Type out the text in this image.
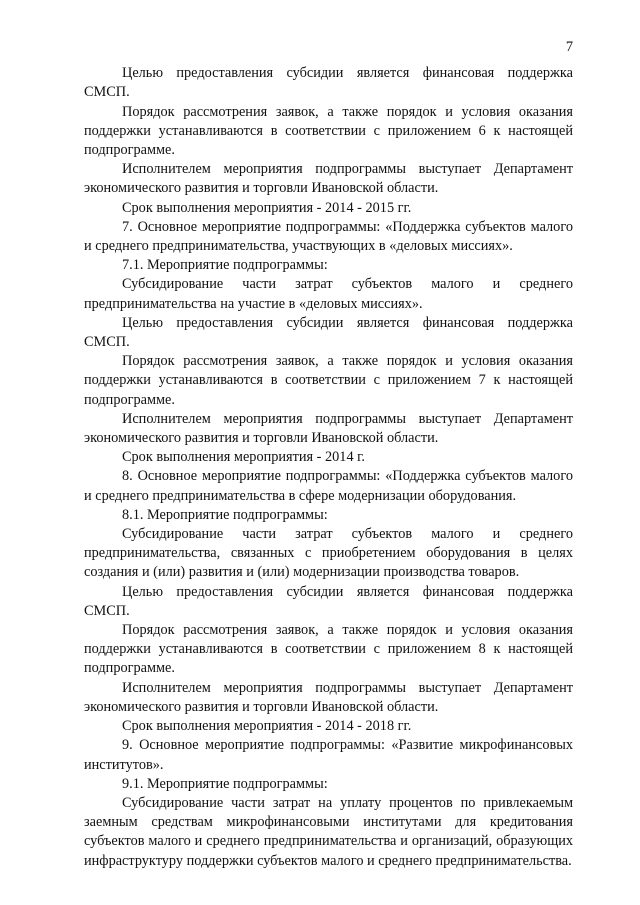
7

Целью предоставления субсидии является финансовая поддержка СМСП.

Порядок рассмотрения заявок, а также порядок и условия оказания поддержки устанавливаются в соответствии с приложением 6 к настоящей подпрограмме.

Исполнителем мероприятия подпрограммы выступает Департамент экономического развития и торговли Ивановской области.

Срок выполнения мероприятия - 2014 - 2015 гг.

7. Основное мероприятие подпрограммы: «Поддержка субъектов малого и среднего предпринимательства, участвующих в «деловых миссиях».

7.1. Мероприятие подпрограммы:

Субсидирование части затрат субъектов малого и среднего предпринимательства на участие в «деловых миссиях».

Целью предоставления субсидии является финансовая поддержка СМСП.

Порядок рассмотрения заявок, а также порядок и условия оказания поддержки устанавливаются в соответствии с приложением 7 к настоящей подпрограмме.

Исполнителем мероприятия подпрограммы выступает Департамент экономического развития и торговли Ивановской области.

Срок выполнения мероприятия - 2014 г.

8. Основное мероприятие подпрограммы: «Поддержка субъектов малого и среднего предпринимательства в сфере модернизации оборудования.

8.1. Мероприятие подпрограммы:

Субсидирование части затрат субъектов малого и среднего предпринимательства, связанных с приобретением оборудования в целях создания и (или) развития и (или) модернизации производства товаров.

Целью предоставления субсидии является финансовая поддержка СМСП.

Порядок рассмотрения заявок, а также порядок и условия оказания поддержки устанавливаются в соответствии с приложением 8 к настоящей подпрограмме.

Исполнителем мероприятия подпрограммы выступает Департамент экономического развития и торговли Ивановской области.

Срок выполнения мероприятия - 2014 - 2018 гг.

9. Основное мероприятие подпрограммы: «Развитие микрофинансовых институтов».

9.1. Мероприятие подпрограммы:

Субсидирование части затрат на уплату процентов по привлекаемым заемным средствам микрофинансовыми институтами для кредитования субъектов малого и среднего предпринимательства и организаций, образующих инфраструктуру поддержки субъектов малого и среднего предпринимательства.
